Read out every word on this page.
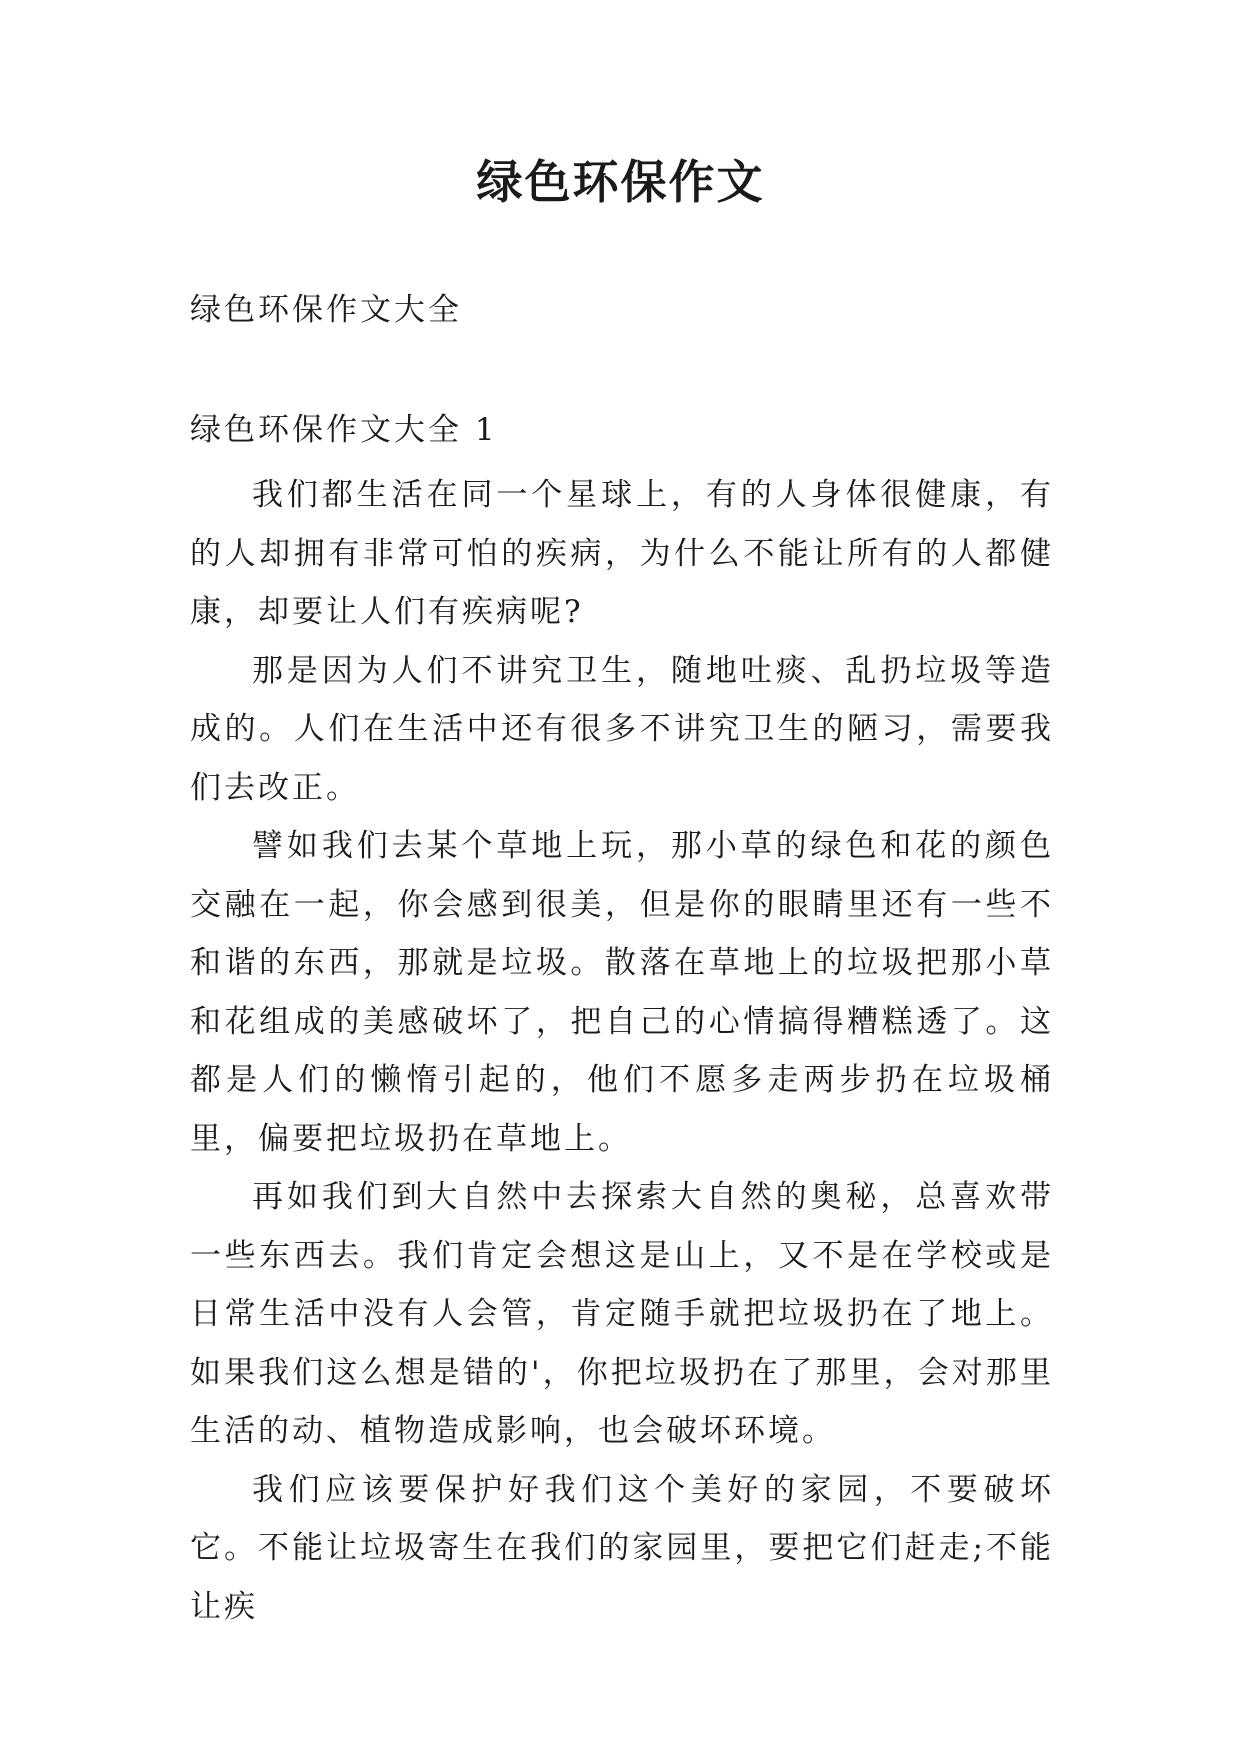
绿色环保作文
绿色环保作文大全
绿色环保作文大全 1

我们都生活在同一个星球上，有的人身体很健康，有的人却拥有非常可怕的疾病，为什么不能让所有的人都健康，却要让人们有疾病呢?

那是因为人们不讲究卫生，随地吐痰、乱扔垃圾等造成的。人们在生活中还有很多不讲究卫生的陋习，需要我们去改正。

譬如我们去某个草地上玩，那小草的绿色和花的颜色交融在一起，你会感到很美，但是你的眼睛里还有一些不和谐的东西，那就是垃圾。散落在草地上的垃圾把那小草和花组成的美感破坏了，把自己的心情搞得糟糕透了。这都是人们的懒惰引起的，他们不愿多走两步扔在垃圾桶里，偏要把垃圾扔在草地上。

再如我们到大自然中去探索大自然的奥秘，总喜欢带一些东西去。我们肯定会想这是山上，又不是在学校或是日常生活中没有人会管，肯定随手就把垃圾扔在了地上。如果我们这么想是错的'，你把垃圾扔在了那里，会对那里生活的动、植物造成影响，也会破坏环境。

我们应该要保护好我们这个美好的家园，不要破坏它。不能让垃圾寄生在我们的家园里，要把它们赶走;不能让疾
